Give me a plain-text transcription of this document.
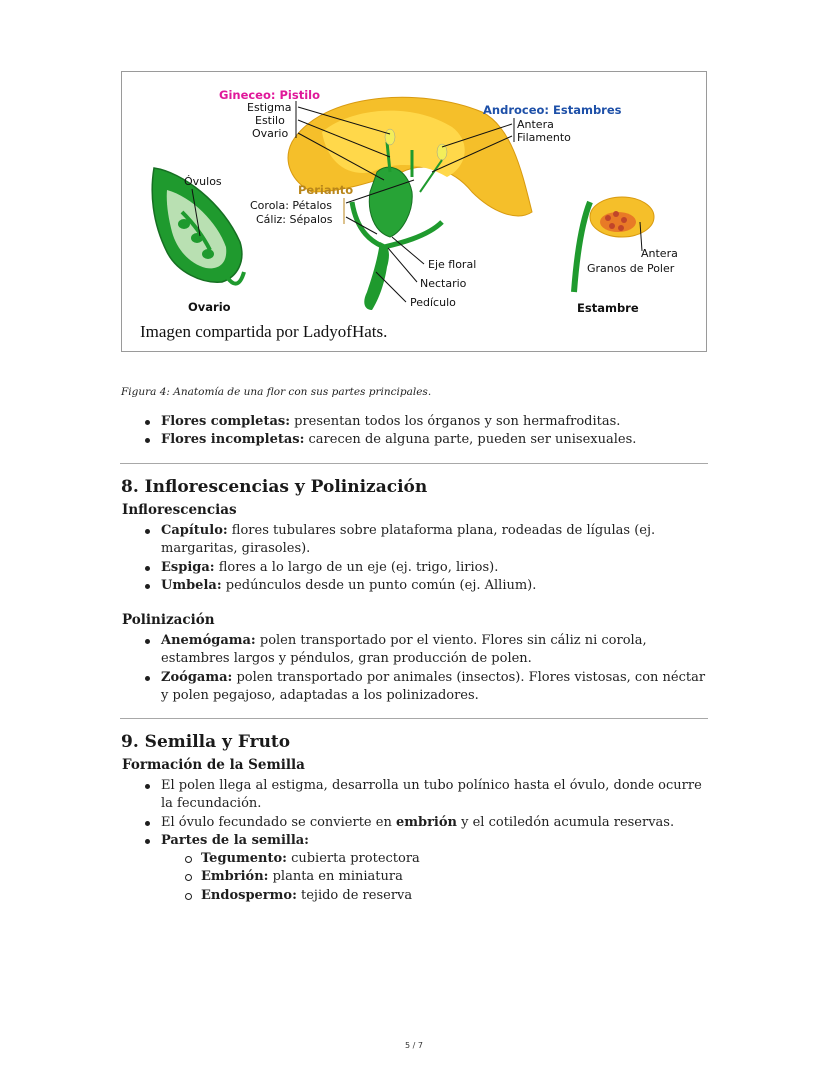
Gineceo: Pistilo
Estigma
Estilo
Ovario
Androceo: Estambres
Antera
Filamento
Óvulos
Perianto
Corola: Pétalos
Cáliz: Sépalos
Eje floral
Nectario
Pedículo
Ovario
Antera
Granos de Poler
Estambre
Imagen compartida por LadyofHats.
Figura 4: Anatomía de una flor con sus partes principales.
Flores completas: presentan todos los órganos y son hermafroditas.
Flores incompletas: carecen de alguna parte, pueden ser unisexuales.
8. Inflorescencias y Polinización
Inflorescencias
Capítulo: flores tubulares sobre plataforma plana, rodeadas de lígulas (ej. margaritas, girasoles).
Espiga: flores a lo largo de un eje (ej. trigo, lirios).
Umbela: pedúnculos desde un punto común (ej. Allium).
Polinización
Anemógama: polen transportado por el viento. Flores sin cáliz ni corola, estambres largos y péndulos, gran producción de polen.
Zoógama: polen transportado por animales (insectos). Flores vistosas, con néctar y polen pegajoso, adaptadas a los polinizadores.
9. Semilla y Fruto
Formación de la Semilla
El polen llega al estigma, desarrolla un tubo polínico hasta el óvulo, donde ocurre la fecundación.
El óvulo fecundado se convierte en embrión y el cotiledón acumula reservas.
Partes de la semilla:
Tegumento: cubierta protectora
Embrión: planta en miniatura
Endospermo: tejido de reserva
5 / 7
